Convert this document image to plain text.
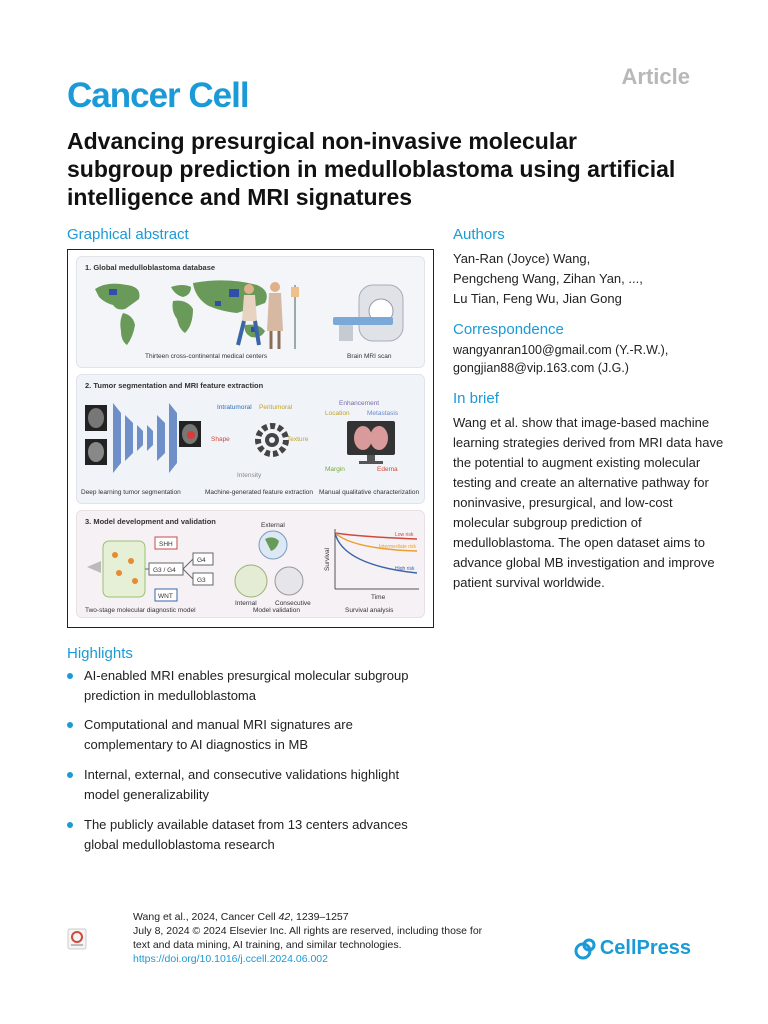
Article
Cancer Cell
Advancing presurgical non-invasive molecular subgroup prediction in medulloblastoma using artificial intelligence and MRI signatures
Graphical abstract
1. Global medulloblastoma database
Thirteen cross-continental medical centers	Brain MRI scan
2. Tumor segmentation and MRI feature extraction
Intratumoral Peritumoral
Shape	Texture
Intensity
Enhancement
Location	Metastasis
Margin	Edema
Deep learning tumor segmentation	Machine-generated feature extraction Manual qualitative characterization
3. Model development and validation
SHH
G3 / G4
G4
G3
WNT
External
Internal	Consecutive
Survival
Time
Low risk
Intermediate risk
High risk
Two-stage molecular diagnostic model	Model validation	Survival analysis
Authors
Yan-Ran (Joyce) Wang,
Pengcheng Wang, Zihan Yan, ...,
Lu Tian, Feng Wu, Jian Gong
Correspondence
wangyanran100@gmail.com (Y.-R.W.),
gongjian88@vip.163.com (J.G.)
In brief
Wang et al. show that image-based machine learning strategies derived from MRI data have the potential to augment existing molecular testing and create an alternative pathway for noninvasive, presurgical, and low-cost molecular subgroup prediction of medulloblastoma. The open dataset aims to advance global MB investigation and improve patient survival worldwide.
Highlights
AI-enabled MRI enables presurgical molecular subgroup prediction in medulloblastoma
Computational and manual MRI signatures are complementary to AI diagnostics in MB
Internal, external, and consecutive validations highlight model generalizability
The publicly available dataset from 13 centers advances global medulloblastoma research
Wang et al., 2024, Cancer Cell 42, 1239–1257
July 8, 2024 © 2024 Elsevier Inc. All rights are reserved, including those for
text and data mining, AI training, and similar technologies.
https://doi.org/10.1016/j.ccell.2024.06.002	CellPress
